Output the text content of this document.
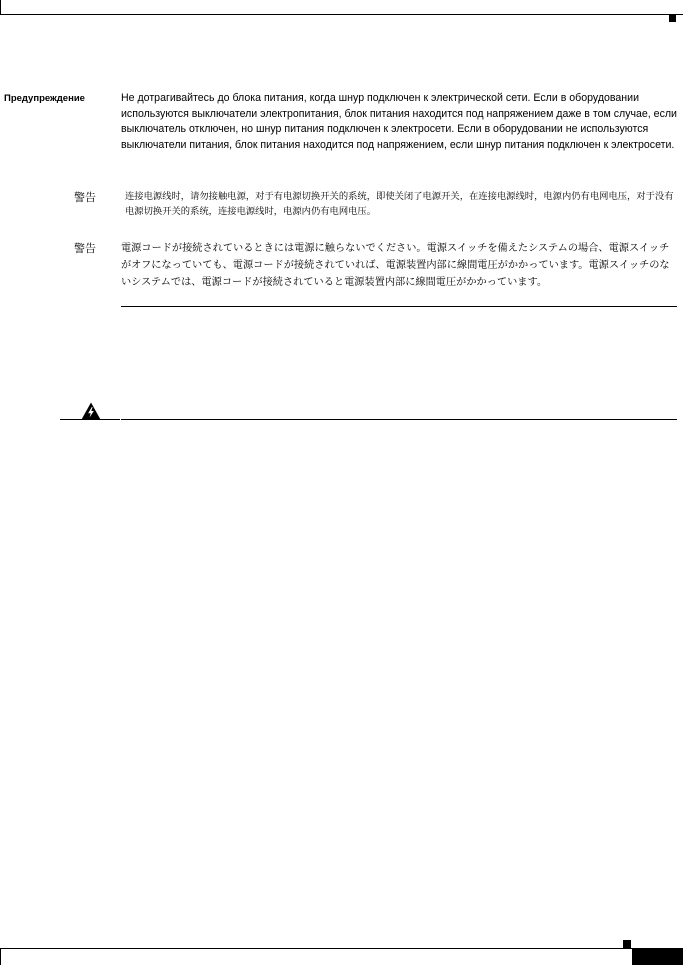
Предупреждение	Не дотрагивайтесь до блока питания, когда шнур подключен к электрической сети. Если в оборудовании используются выключатели электропитания, блок питания находится под напряжением даже в том случае, если выключатель отключен, но шнур питания подключен к электросети. Если в оборудовании не используются выключатели питания, блок питания находится под напряжением, если шнур питания подключен к электросети.

警告	连接电源线时，请勿接触电源，对于有电源切换开关的系统，即使关闭了电源开关，在连接电源线时，电源内仍有电网电压，对于没有电源切换开关的系统，连接电源线时，电源内仍有电网电压。

警告 電源コードが接続されているときには電源に触らないでください。電源スイッチを備えたシステムの場合、電源スイッチがオフになっていても、電源コードが接続されていれば、電源装置内部に線間電圧がかかっています。電源スイッチのないシステムでは、電源コードが接続されていると電源装置内部に線間電圧がかかっています。
